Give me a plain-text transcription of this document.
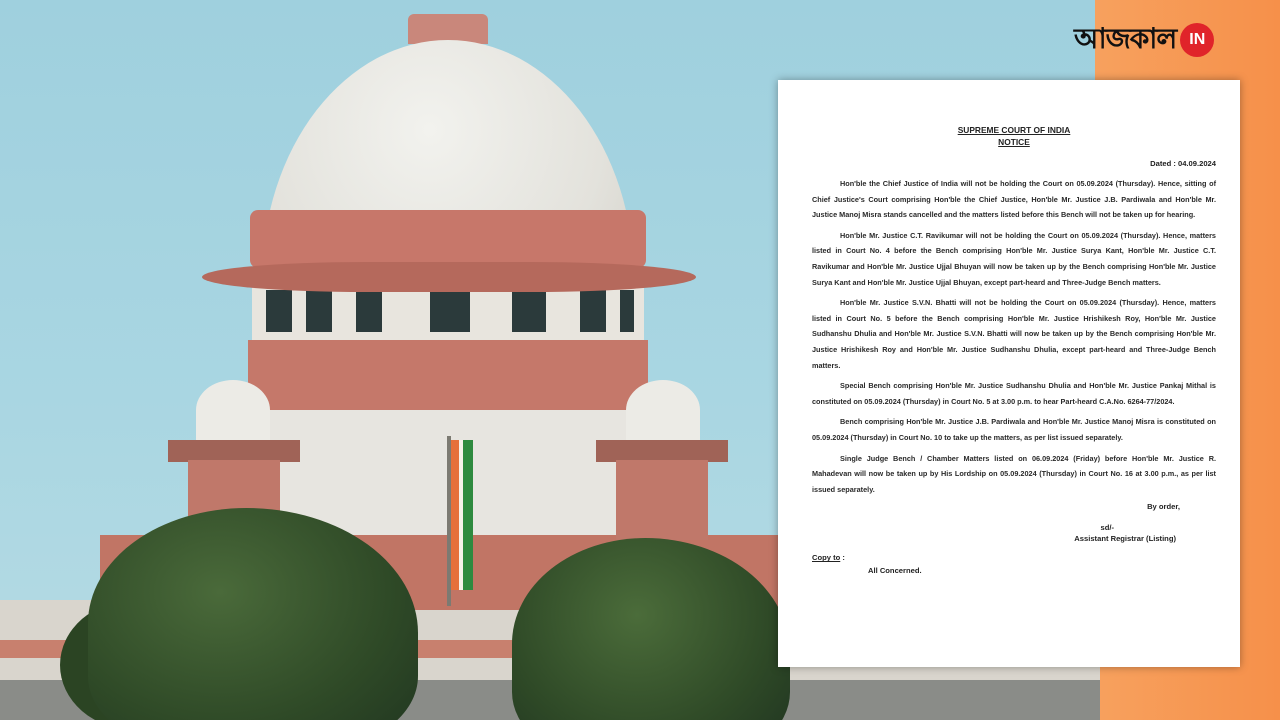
আজকাল IN
SUPREME COURT OF INDIA
NOTICE
Dated : 04.09.2024

Hon'ble the Chief Justice of India will not be holding the Court on 05.09.2024 (Thursday). Hence, sitting of Chief Justice's Court comprising Hon'ble the Chief Justice, Hon'ble Mr. Justice J.B. Pardiwala and Hon'ble Mr. Justice Manoj Misra stands cancelled and the matters listed before this Bench will not be taken up for hearing.

Hon'ble Mr. Justice C.T. Ravikumar will not be holding the Court on 05.09.2024 (Thursday). Hence, matters listed in Court No. 4 before the Bench comprising Hon'ble Mr. Justice Surya Kant, Hon'ble Mr. Justice C.T. Ravikumar and Hon'ble Mr. Justice Ujjal Bhuyan will now be taken up by the Bench comprising Hon'ble Mr. Justice Surya Kant and Hon'ble Mr. Justice Ujjal Bhuyan, except part-heard and Three-Judge Bench matters.

Hon'ble Mr. Justice S.V.N. Bhatti will not be holding the Court on 05.09.2024 (Thursday). Hence, matters listed in Court No. 5 before the Bench comprising Hon'ble Mr. Justice Hrishikesh Roy, Hon'ble Mr. Justice Sudhanshu Dhulia and Hon'ble Mr. Justice S.V.N. Bhatti will now be taken up by the Bench comprising Hon'ble Mr. Justice Hrishikesh Roy and Hon'ble Mr. Justice Sudhanshu Dhulia, except part-heard and Three-Judge Bench matters.

Special Bench comprising Hon'ble Mr. Justice Sudhanshu Dhulia and Hon'ble Mr. Justice Pankaj Mithal is constituted on 05.09.2024 (Thursday) in Court No. 5 at 3.00 p.m. to hear Part-heard C.A.No. 6264-77/2024.

Bench comprising Hon'ble Mr. Justice J.B. Pardiwala and Hon'ble Mr. Justice Manoj Misra is constituted on 05.09.2024 (Thursday) in Court No. 10 to take up the matters, as per list issued separately.

Single Judge Bench / Chamber Matters listed on 06.09.2024 (Friday) before Hon'ble Mr. Justice R. Mahadevan will now be taken up by His Lordship on 05.09.2024 (Thursday) in Court No. 16 at 3.00 p.m., as per list issued separately.

By order,
sd/-
Assistant Registrar (Listing)
Copy to :
All Concerned.
